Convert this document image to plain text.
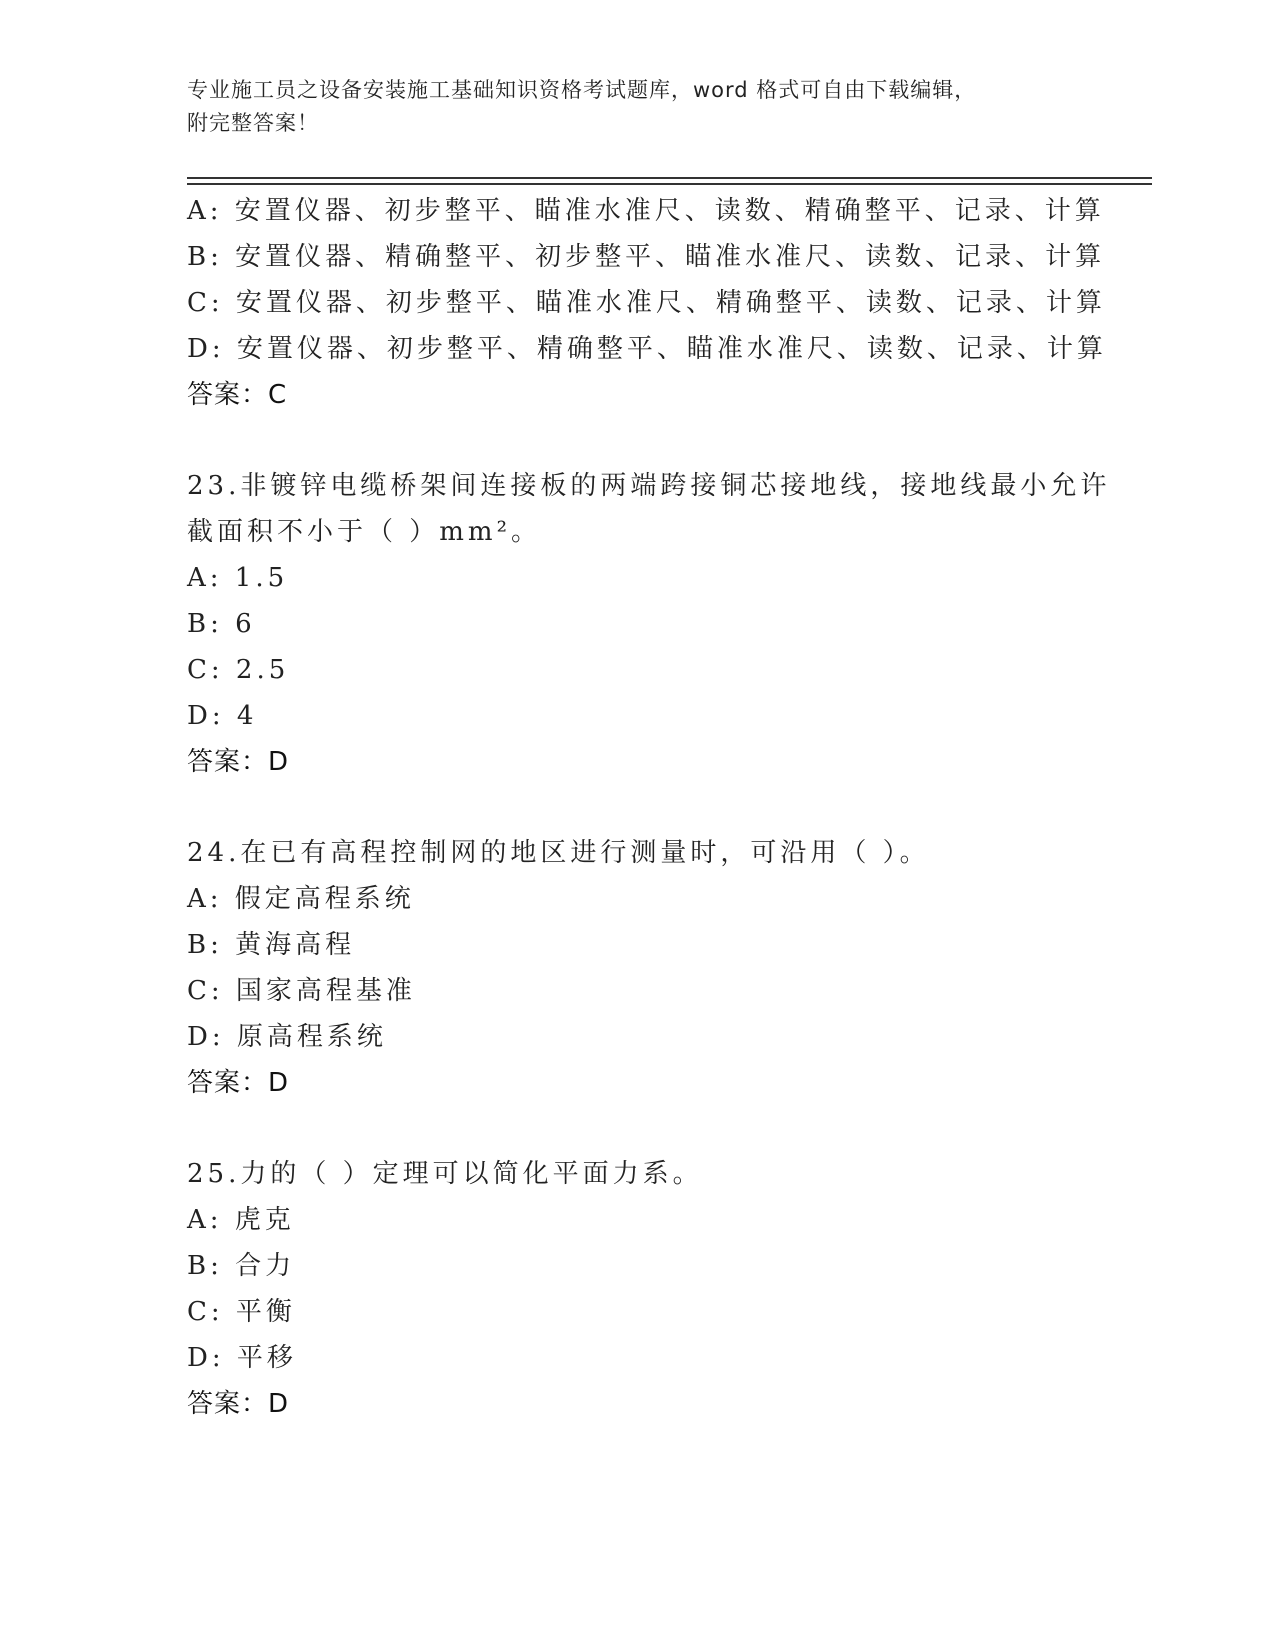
专业施工员之设备安装施工基础知识资格考试题库，word 格式可自由下载编辑，
附完整答案！
A: 安置仪器、初步整平、瞄准水准尺、读数、精确整平、记录、计算
B: 安置仪器、精确整平、初步整平、瞄准水准尺、读数、记录、计算
C: 安置仪器、初步整平、瞄准水准尺、精确整平、读数、记录、计算
D: 安置仪器、初步整平、精确整平、瞄准水准尺、读数、记录、计算
答案：C
23.非镀锌电缆桥架间连接板的两端跨接铜芯接地线，接地线最小允许
截面积不小于（ ）mm²。
A: 1.5
B: 6
C: 2.5
D: 4
答案：D
24.在已有高程控制网的地区进行测量时，可沿用（ ）。
A: 假定高程系统
B: 黄海高程
C: 国家高程基准
D: 原高程系统
答案：D
25.力的（ ）定理可以简化平面力系。
A: 虎克
B: 合力
C: 平衡
D: 平移
答案：D
